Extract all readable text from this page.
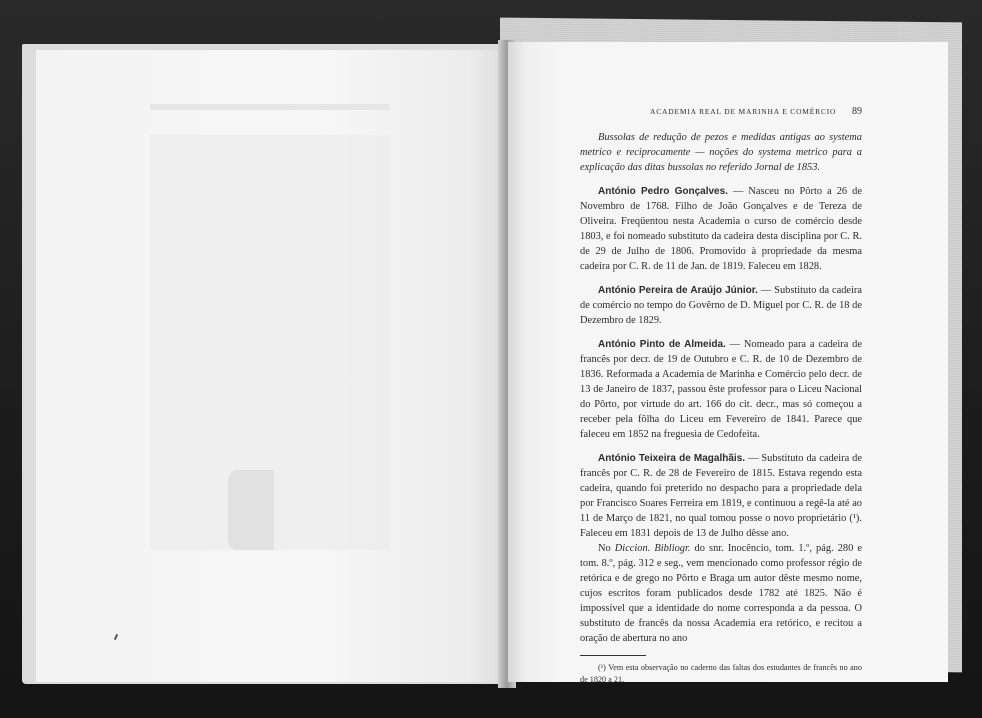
ACADEMIA REAL DE MARINHA E COMÉRCIO 89

Bussolas de redução de pezos e medidas antigas ao systema metrico e reciprocamente — noções do systema metrico para a explicação das ditas bussolas no referido Jornal de 1853.

António Pedro Gonçalves. — Nasceu no Pôrto a 26 de Novembro de 1768. Filho de João Gonçalves e de Tereza de Oliveira. Freqüentou nesta Academia o curso de comércio desde 1803, e foi nomeado substituto da cadeira desta disciplina por C. R. de 29 de Julho de 1806. Promovido à propriedade da mesma cadeira por C. R. de 11 de Jan. de 1819. Faleceu em 1828.

António Pereira de Araújo Júnior. — Substituto da cadeira de comércio no tempo do Govêrno de D. Miguel por C. R. de 18 de Dezembro de 1829.

António Pinto de Almeida. — Nomeado para a cadeira de francês por decr. de 19 de Outubro e C. R. de 10 de Dezembro de 1836. Reformada a Academia de Marinha e Comércio pelo decr. de 13 de Janeiro de 1837, passou êste professor para o Liceu Nacional do Pôrto, por virtude do art. 166 do cit. decr., mas só começou a receber pela fôlha do Liceu em Fevereiro de 1841. Parece que faleceu em 1852 na freguesia de Cedofeita.

António Teixeira de Magalhãis. — Substituto da cadeira de francês por C. R. de 28 de Fevereiro de 1815. Estava regendo esta cadeira, quando foi preterido no despacho para a propriedade dela por Francisco Soares Ferreira em 1819, e continuou a regê-la até ao 11 de Março de 1821, no qual tomou posse o novo proprietário (¹). Faleceu em 1831 depois de 13 de Julho dêsse ano.

No Diccion. Bibliogr. do snr. Inocêncio, tom. 1.º, pág. 280 e tom. 8.º, pág. 312 e seg., vem mencionado como professor régio de retórica e de grego no Pôrto e Braga um autor dêste mesmo nome, cujos escritos foram publicados desde 1782 até 1825. Não é impossível que a identidade do nome corresponda a da pessoa. O substituto de francês da nossa Academia era retórico, e recitou a oração de abertura no ano

(¹) Vem esta observação no caderno das faltas dos estudantes de francês no ano de 1820 a 21.
